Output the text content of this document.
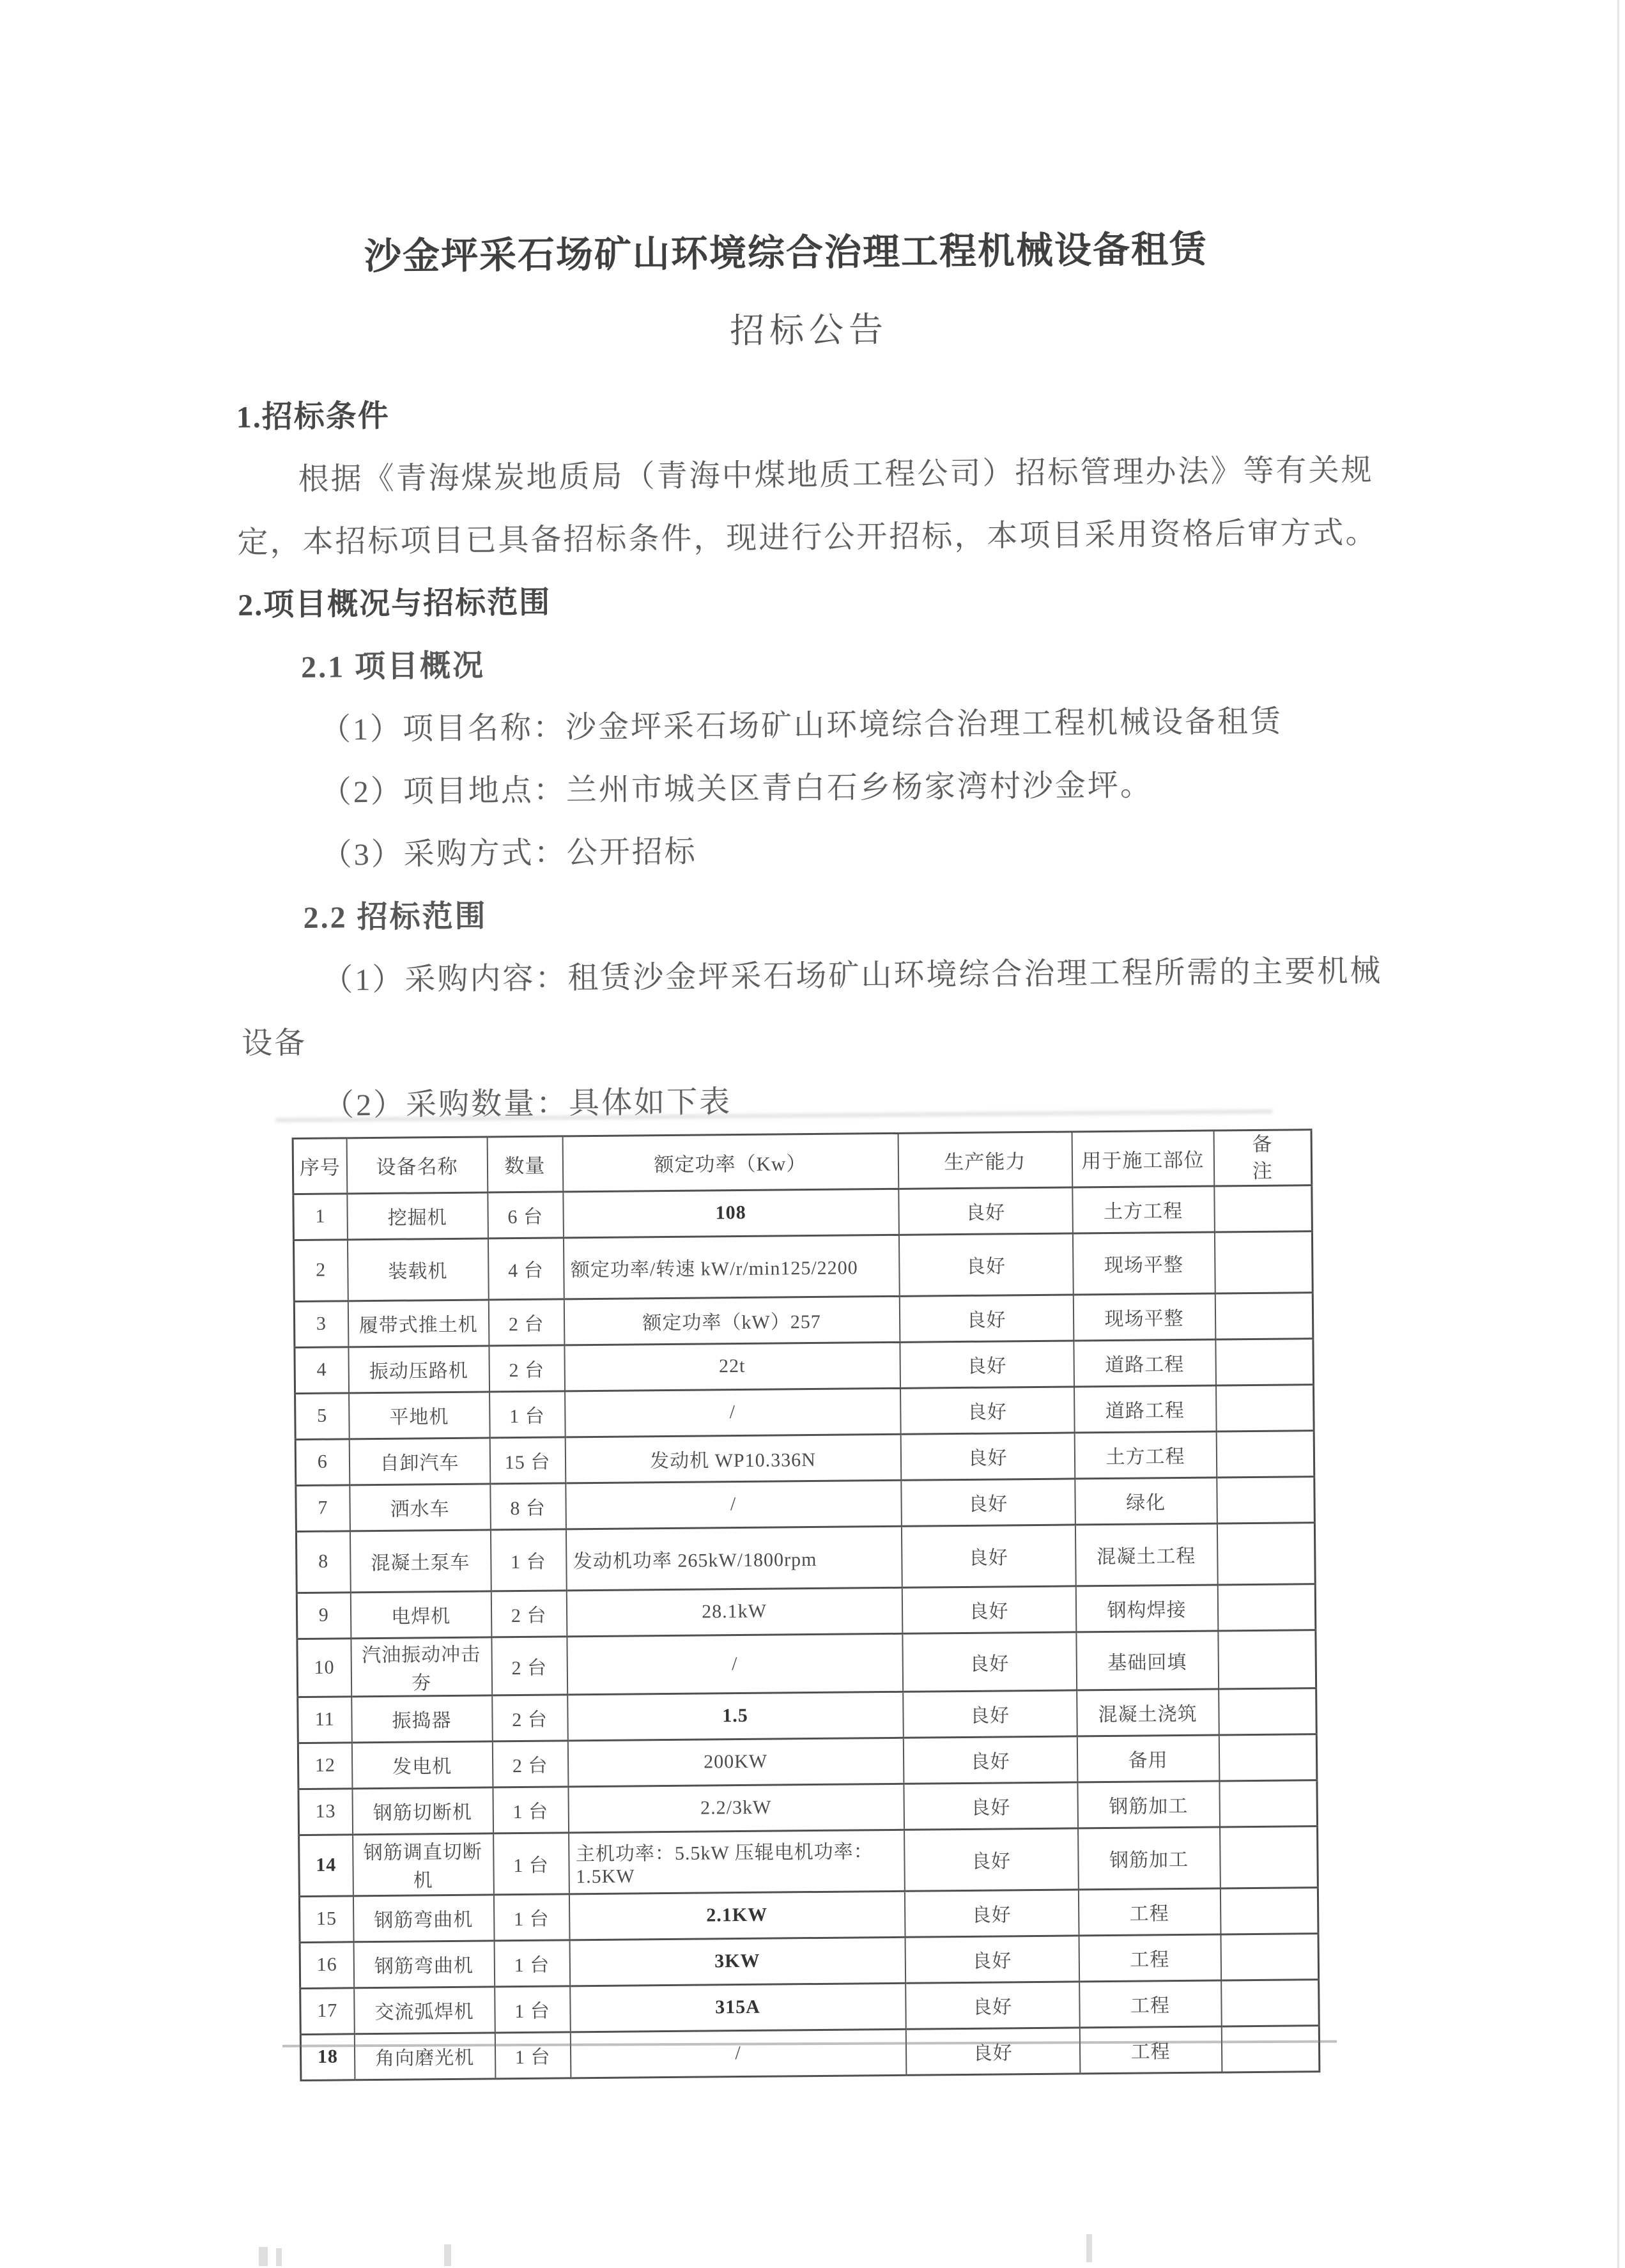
沙金坪采石场矿山环境综合治理工程机械设备租赁
招标公告
1.招标条件
根据《青海煤炭地质局（青海中煤地质工程公司）招标管理办法》等有关规
定，本招标项目已具备招标条件，现进行公开招标，本项目采用资格后审方式。
2.项目概况与招标范围
2.1 项目概况
（1）项目名称：沙金坪采石场矿山环境综合治理工程机械设备租赁
（2）项目地点：兰州市城关区青白石乡杨家湾村沙金坪。
（3）采购方式：公开招标
2.2 招标范围
（1）采购内容：租赁沙金坪采石场矿山环境综合治理工程所需的主要机械
设备
（2）采购数量：具体如下表
序号	设备名称	数量	额定功率（Kw）	生产能力	用于施工部位	备注
1	挖掘机	6 台	108	良好	土方工程	
2	装载机	4 台	额定功率/转速 kW/r/min125/2200	良好	现场平整	
3	履带式推土机	2 台	额定功率（kW）257	良好	现场平整	
4	振动压路机	2 台	22t	良好	道路工程	
5	平地机	1 台	/	良好	道路工程	
6	自卸汽车	15 台	发动机 WP10.336N	良好	土方工程	
7	洒水车	8 台	/	良好	绿化	
8	混凝土泵车	1 台	发动机功率 265kW/1800rpm	良好	混凝土工程	
9	电焊机	2 台	28.1kW	良好	钢构焊接	
10	汽油振动冲击夯	2 台	/	良好	基础回填	
11	振捣器	2 台	1.5	良好	混凝土浇筑	
12	发电机	2 台	200KW	良好	备用	
13	钢筋切断机	1 台	2.2/3kW	良好	钢筋加工	
14	钢筋调直切断机	1 台	主机功率：5.5kW 压辊电机功率：1.5KW	良好	钢筋加工	
15	钢筋弯曲机	1 台	2.1KW	良好	工程	
16	钢筋弯曲机	1 台	3KW	良好	工程	
17	交流弧焊机	1 台	315A	良好	工程	
18	角向磨光机	1 台	/	良好	工程	
